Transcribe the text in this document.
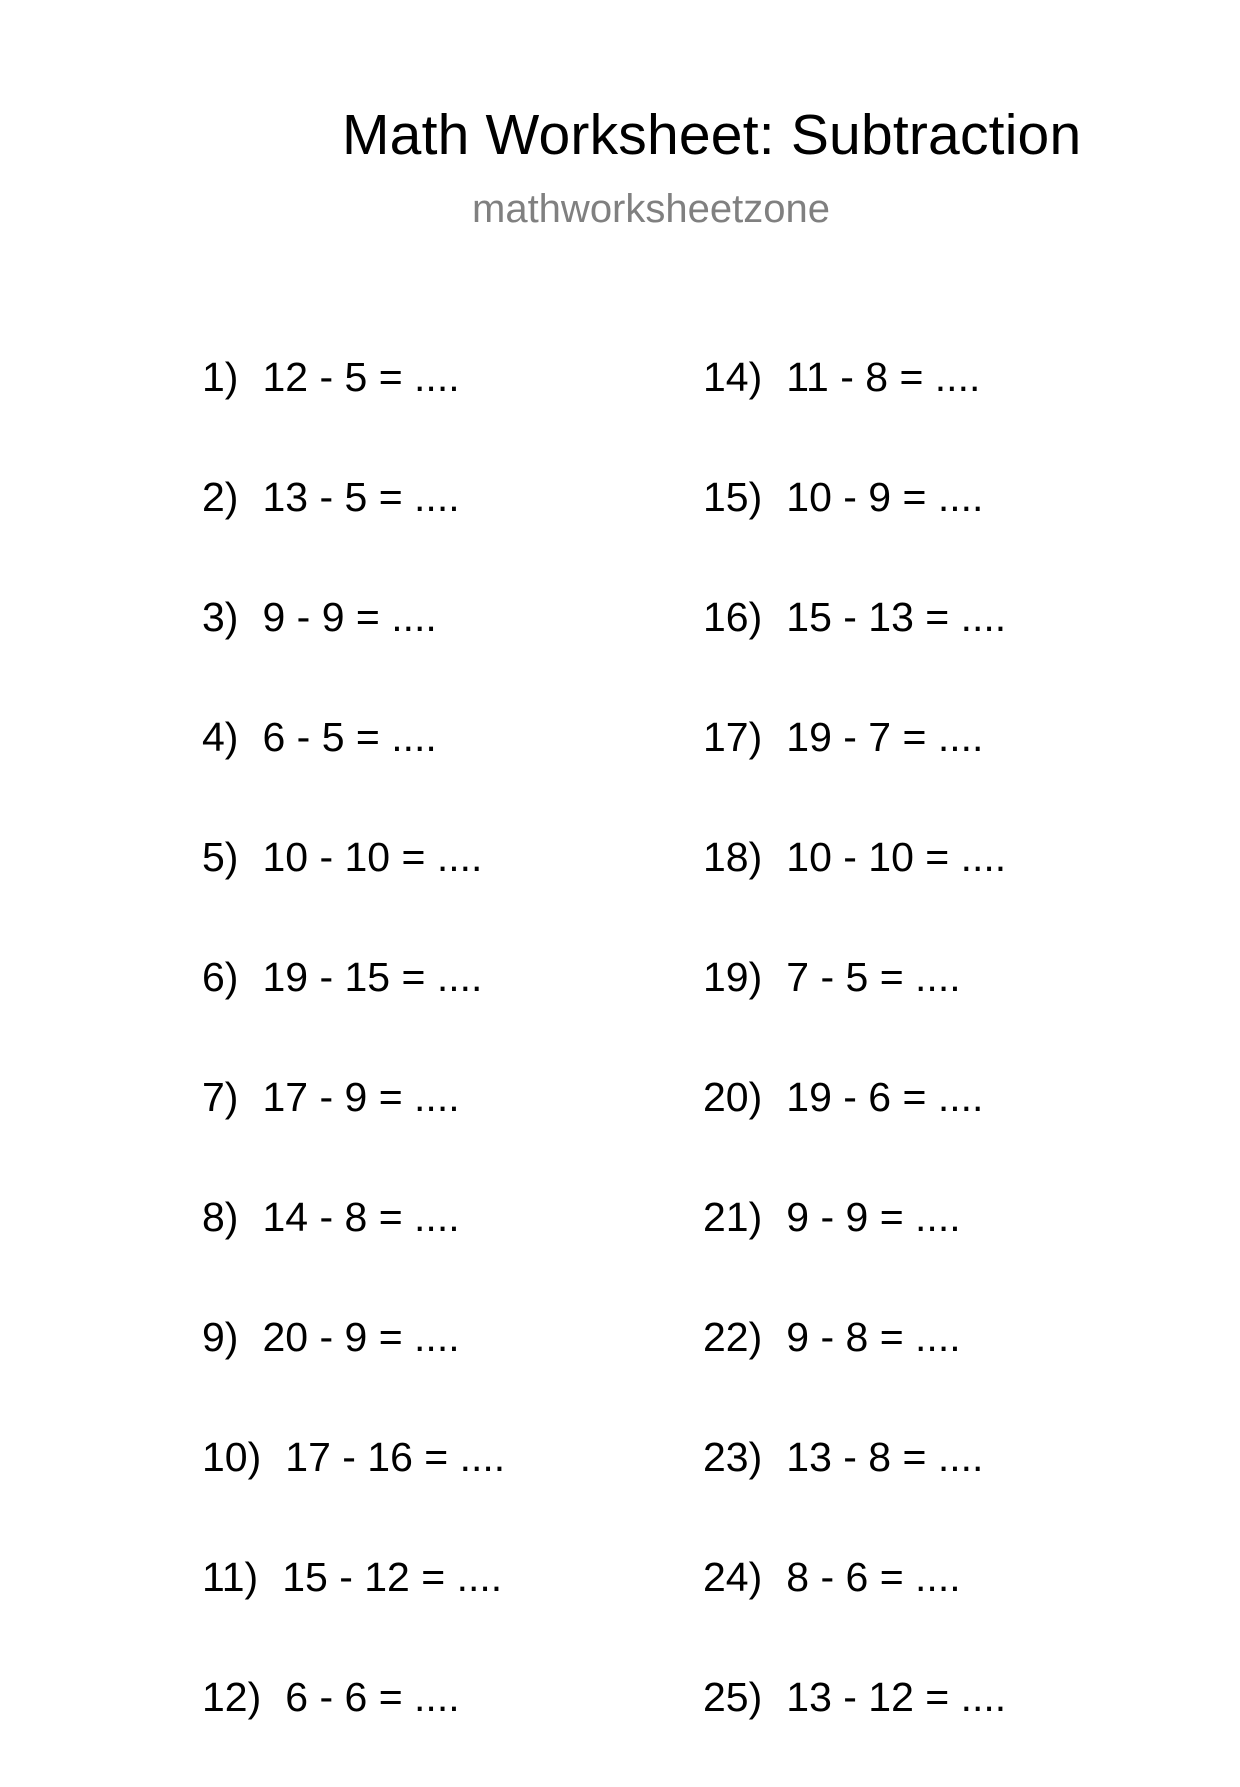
Math Worksheet: Subtraction
mathworksheetzone
1) 12 - 5 = ....
2) 13 - 5 = ....
3) 9 - 9 = ....
4) 6 - 5 = ....
5) 10 - 10 = ....
6) 19 - 15 = ....
7) 17 - 9 = ....
8) 14 - 8 = ....
9) 20 - 9 = ....
10) 17 - 16 = ....
11) 15 - 12 = ....
12) 6 - 6 = ....
14) 11 - 8 = ....
15) 10 - 9 = ....
16) 15 - 13 = ....
17) 19 - 7 = ....
18) 10 - 10 = ....
19) 7 - 5 = ....
20) 19 - 6 = ....
21) 9 - 9 = ....
22) 9 - 8 = ....
23) 13 - 8 = ....
24) 8 - 6 = ....
25) 13 - 12 = ....
